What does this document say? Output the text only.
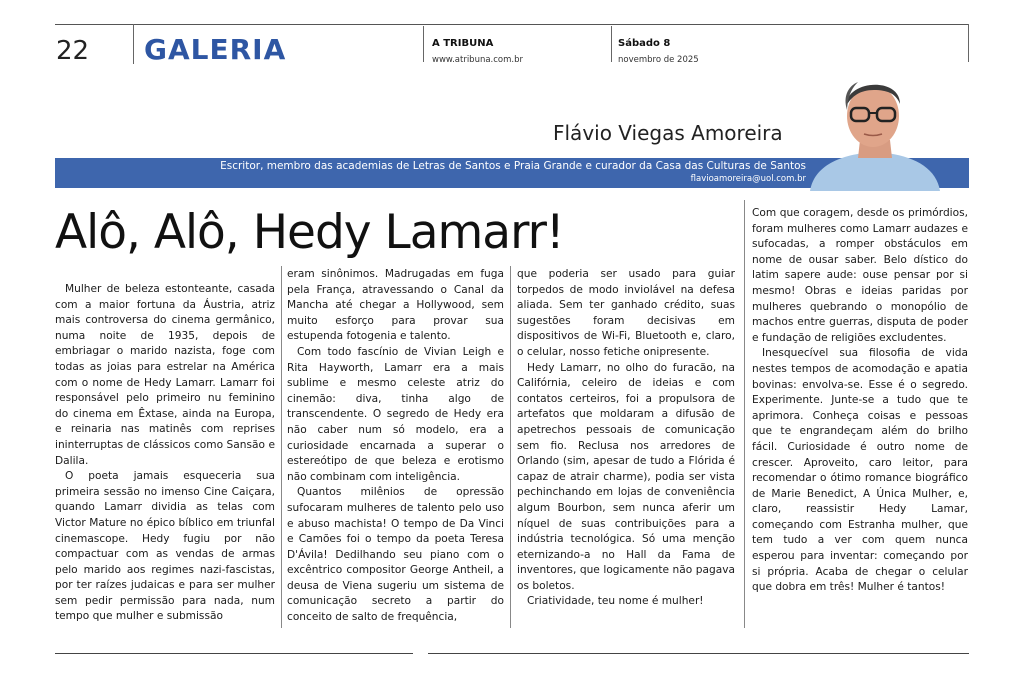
22 GALERIA	A TRIBUNA
www.atribuna.com.br
Sábado 8
novembro de 2025
Flávio Viegas Amoreira
Escritor, membro das academias de Letras de Santos e Praia Grande e curador da Casa das Culturas de Santos
flavioamoreira@uol.com.br
Alô, Alô, Hedy Lamarr!

Mulher de beleza estonteante, casada com a maior fortuna da Áustria, atriz mais controversa do cinema germânico, numa noite de 1935, depois de embriagar o marido nazista, foge com todas as joias para estrelar na América com o nome de Hedy Lamarr. Lamarr foi responsável pelo primeiro nu feminino do cinema em Êxtase, ainda na Europa, e reinaria nas matinês com reprises ininterruptas de clássicos como Sansão e Dalila.

O poeta jamais esqueceria sua primeira sessão no imenso Cine Caiçara, quando Lamarr dividia as telas com Victor Mature no épico bíblico em triunfal cinemascope. Hedy fugiu por não compactuar com as vendas de armas pelo marido aos regimes nazi-fascistas, por ter raízes judaicas e para ser mulher sem pedir permissão para nada, num tempo que mulher e submissão

eram sinônimos. Madrugadas em fuga pela França, atravessando o Canal da Mancha até chegar a Hollywood, sem muito esforço para provar sua estupenda fotogenia e talento.

Com todo fascínio de Vivian Leigh e Rita Hayworth, Lamarr era a mais sublime e mesmo celeste atriz do cinemão: diva, tinha algo de transcendente. O segredo de Hedy era não caber num só modelo, era a curiosidade encarnada a superar o estereótipo de que beleza e erotismo não combinam com inteligência.

Quantos milênios de opressão sufocaram mulheres de talento pelo uso e abuso machista! O tempo de Da Vinci e Camões foi o tempo da poeta Teresa D'Ávila! Dedilhando seu piano com o excêntrico compositor George Antheil, a deusa de Viena sugeriu um sistema de comunicação secreto a partir do conceito de salto de frequência,

que poderia ser usado para guiar torpedos de modo inviolável na defesa aliada. Sem ter ganhado crédito, suas sugestões foram decisivas em dispositivos de Wi-Fi, Bluetooth e, claro, o celular, nosso fetiche onipresente.

Hedy Lamarr, no olho do furacão, na Califórnia, celeiro de ideias e com contatos certeiros, foi a propulsora de artefatos que moldaram a difusão de apetrechos pessoais de comunicação sem fio. Reclusa nos arredores de Orlando (sim, apesar de tudo a Flórida é capaz de atrair charme), podia ser vista pechinchando em lojas de conveniência algum Bourbon, sem nunca aferir um níquel de suas contribuições para a indústria tecnológica. Só uma menção eternizando-a no Hall da Fama de inventores, que logicamente não pagava os boletos.

Criatividade, teu nome é mulher!

Com que coragem, desde os primórdios, foram mulheres como Lamarr audazes e sufocadas, a romper obstáculos em nome de ousar saber. Belo dístico do latim sapere aude: ouse pensar por si mesmo! Obras e ideias paridas por mulheres quebrando o monopólio de machos entre guerras, disputa de poder e fundação de religiões excludentes.

Inesquecível sua filosofia de vida nestes tempos de acomodação e apatia bovinas: envolva-se. Esse é o segredo. Experimente. Junte-se a tudo que te aprimora. Conheça coisas e pessoas que te engrandeçam além do brilho fácil. Curiosidade é outro nome de crescer. Aproveito, caro leitor, para recomendar o ótimo romance biográfico de Marie Benedict, A Única Mulher, e, claro, reassistir Hedy Lamar, começando com Estranha mulher, que tem tudo a ver com quem nunca esperou para inventar: começando por si própria. Acaba de chegar o celular que dobra em três! Mulher é tantos!
